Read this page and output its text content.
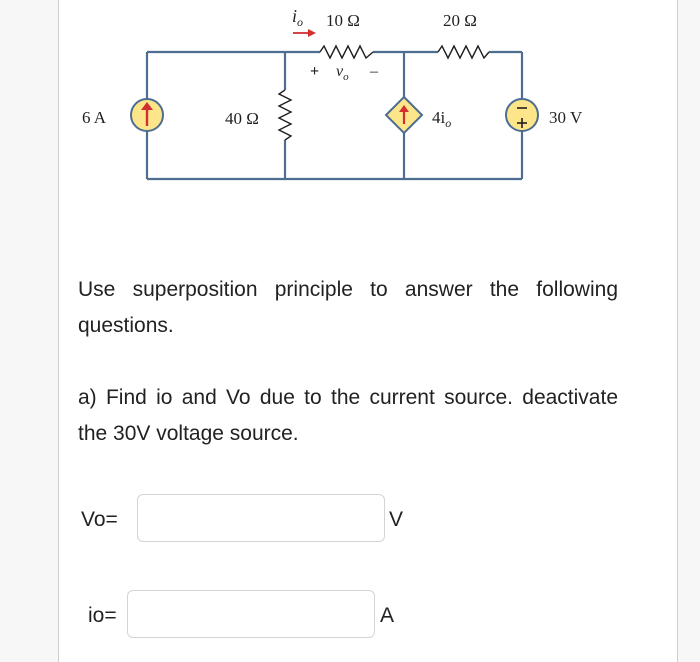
6 A	40 Ω
10 Ω	20 Ω
$4i_o$	30 V
$i_o$
+ $v_o$ –
Use superposition principle to answer the following questions.
a) Find io and Vo due to the current source. deactivate the 30V voltage source.
Vo=	V
io=	A
